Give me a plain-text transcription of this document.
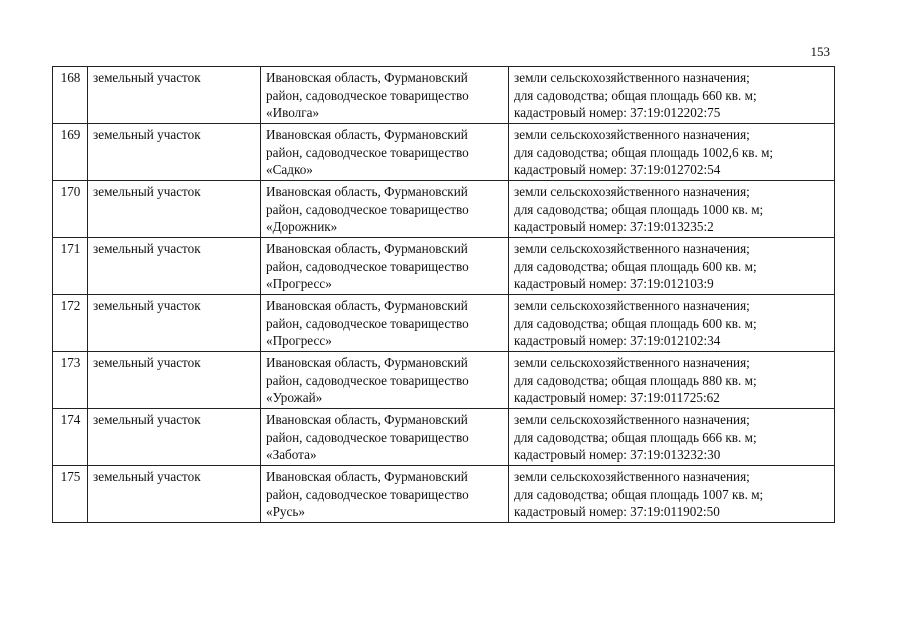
153
168	земельный участок	Ивановская область, Фурмановский
район, садоводческое товарищество
«Иволга»	земли сельскохозяйственного назначения;
для садоводства; общая площадь 660 кв. м;
кадастровый номер: 37:19:012202:75

169	земельный участок	Ивановская область, Фурмановский
район, садоводческое товарищество
«Садко»	земли сельскохозяйственного назначения;
для садоводства; общая площадь 1002,6 кв. м;
кадастровый номер: 37:19:012702:54

170	земельный участок	Ивановская область, Фурмановский
район, садоводческое товарищество
«Дорожник»	земли сельскохозяйственного назначения;
для садоводства; общая площадь 1000 кв. м;
кадастровый номер: 37:19:013235:2

171	земельный участок	Ивановская область, Фурмановский
район, садоводческое товарищество
«Прогресс»	земли сельскохозяйственного назначения;
для садоводства; общая площадь 600 кв. м;
кадастровый номер: 37:19:012103:9

172	земельный участок	Ивановская область, Фурмановский
район, садоводческое товарищество
«Прогресс»	земли сельскохозяйственного назначения;
для садоводства; общая площадь 600 кв. м;
кадастровый номер: 37:19:012102:34

173	земельный участок	Ивановская область, Фурмановский
район, садоводческое товарищество
«Урожай»	земли сельскохозяйственного назначения;
для садоводства; общая площадь 880 кв. м;
кадастровый номер: 37:19:011725:62

174	земельный участок	Ивановская область, Фурмановский
район, садоводческое товарищество
«Забота»	земли сельскохозяйственного назначения;
для садоводства; общая площадь 666 кв. м;
кадастровый номер: 37:19:013232:30

175	земельный участок	Ивановская область, Фурмановский
район, садоводческое товарищество
«Русь»	земли сельскохозяйственного назначения;
для садоводства; общая площадь 1007 кв. м;
кадастровый номер: 37:19:011902:50
